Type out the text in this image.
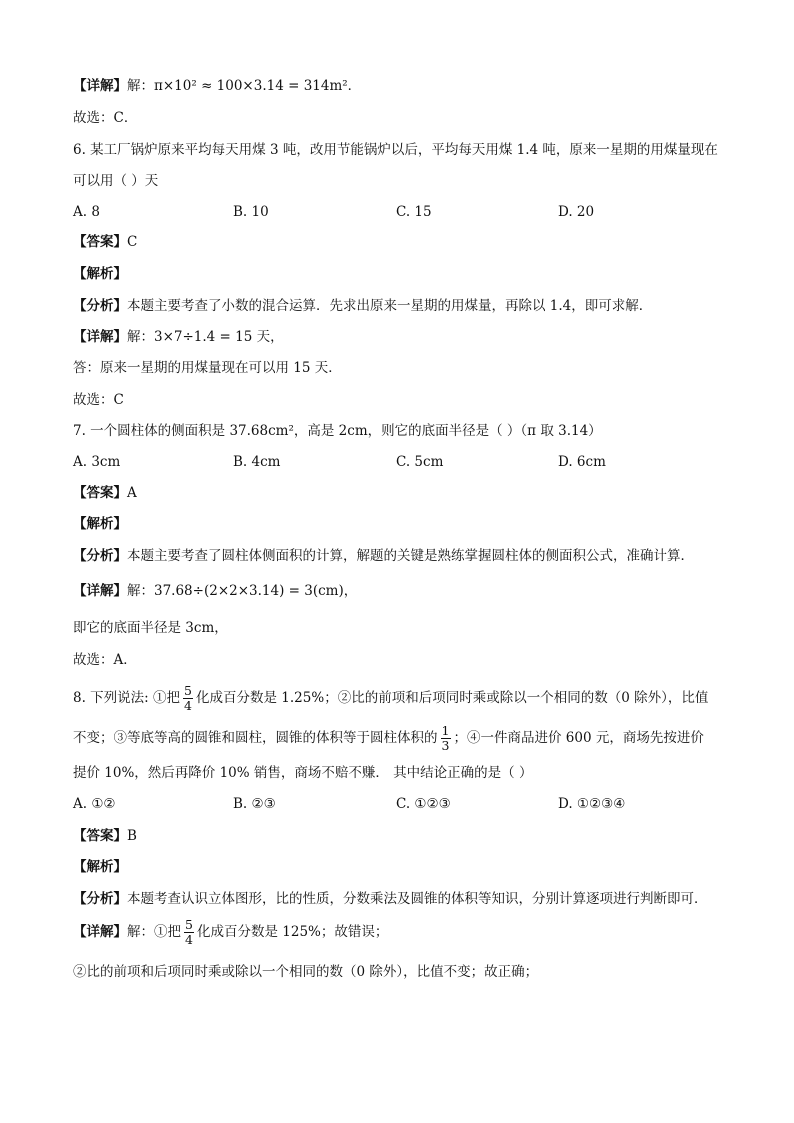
【详解】解：π×10² ≈ 100×3.14 = 314m²．
故选：C．
6. 某工厂锅炉原来平均每天用煤 3 吨，改用节能锅炉以后，平均每天用煤 1.4 吨，原来一星期的用煤量现在
可以用（ ）天
A. 8	B. 10	C. 15	D. 20
【答案】C
【解析】
【分析】本题主要考查了小数的混合运算．先求出原来一星期的用煤量，再除以 1.4，即可求解．
【详解】解：3×7÷1.4 = 15 天，
答：原来一星期的用煤量现在可以用 15 天．
故选：C
7. 一个圆柱体的侧面积是 37.68cm²，高是 2cm，则它的底面半径是（ ）（π 取 3.14）
A. 3cm	B. 4cm	C. 5cm	D. 6cm
【答案】A
【解析】
【分析】本题主要考查了圆柱体侧面积的计算，解题的关键是熟练掌握圆柱体的侧面积公式，准确计算．
【详解】解：37.68÷(2×2×3.14) = 3(cm)，
即它的底面半径是 3cm，
故选：A．
8. 下列说法: ①把 $\frac{5}{4}$ 化成百分数是 1.25%；②比的前项和后项同时乘或除以一个相同的数（0 除外），比值
不变；③等底等高的圆锥和圆柱，圆锥的体积等于圆柱体积的 $\frac{1}{3}$ ；④一件商品进价 600 元，商场先按进价
提价 10%，然后再降价 10% 销售，商场不赔不赚． 其中结论正确的是（ ）
A. ①②	B. ②③	C. ①②③	D. ①②③④
【答案】B
【解析】
【分析】本题考查认识立体图形，比的性质，分数乘法及圆锥的体积等知识，分别计算逐项进行判断即可．
【详解】解：①把 $\frac{5}{4}$ 化成百分数是 125%；故错误；
②比的前项和后项同时乘或除以一个相同的数（0 除外），比值不变；故正确；
